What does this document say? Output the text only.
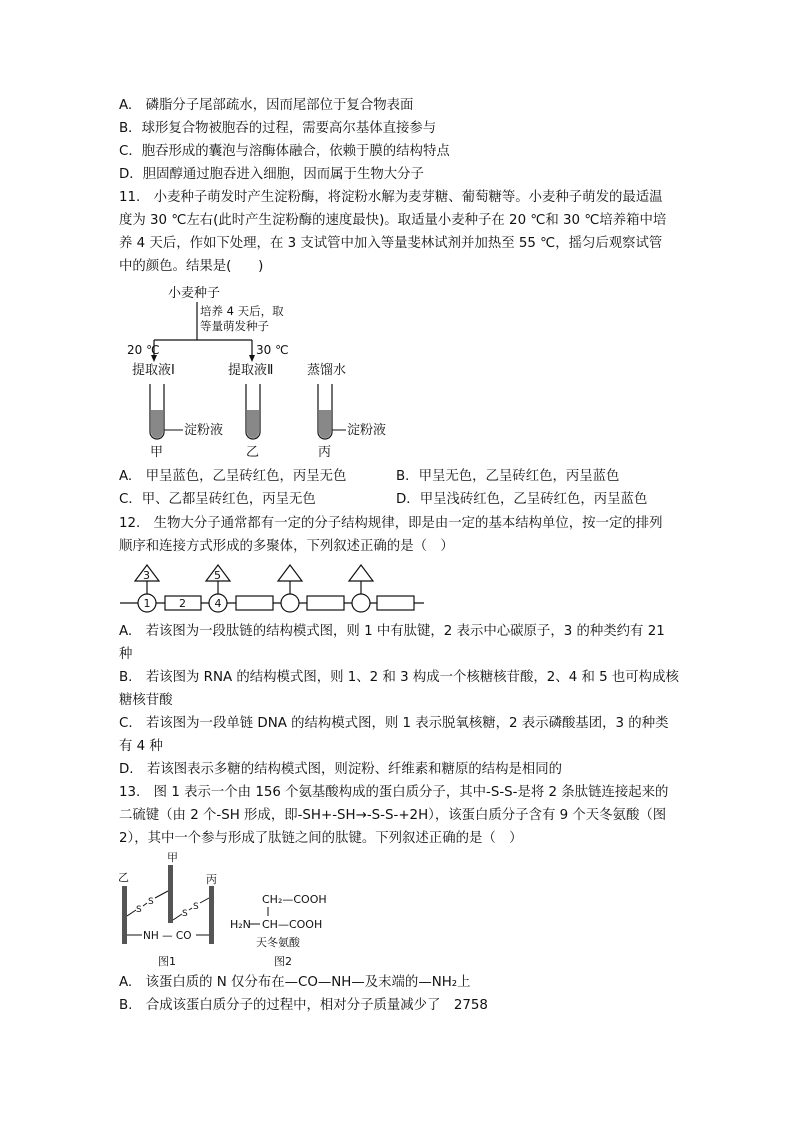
A.　磷脂分子尾部疏水，因而尾部位于复合物表面
B．球形复合物被胞吞的过程，需要高尔基体直接参与
C．胞吞形成的囊泡与溶酶体融合，依赖于膜的结构特点
D．胆固醇通过胞吞进入细胞，因而属于生物大分子
11.　小麦种子萌发时产生淀粉酶，将淀粉水解为麦芽糖、葡萄糖等。小麦种子萌发的最适温
度为 30 ℃左右(此时产生淀粉酶的速度最快)。取适量小麦种子在 20 ℃和 30 ℃培养箱中培
养 4 天后，作如下处理，在 3 支试管中加入等量斐林试剂并加热至 55 ℃，摇匀后观察试管
中的颜色。结果是(　　)
小麦种子
培养 4 天后，取
等量萌发种子
20 ℃	30 ℃
提取液Ⅰ	提取液Ⅱ	蒸馏水
淀粉液	淀粉液
甲	乙	丙
A.　甲呈蓝色，乙呈砖红色，丙呈无色	B．甲呈无色，乙呈砖红色，丙呈蓝色
C．甲、乙都呈砖红色，丙呈无色	D．甲呈浅砖红色，乙呈砖红色，丙呈蓝色
12.　生物大分子通常都有一定的分子结构规律，即是由一定的基本结构单位，按一定的排列
顺序和连接方式形成的多聚体，下列叙述正确的是（　）
3
1	2
5
4
A.　若该图为一段肽链的结构模式图，则 1 中有肽键，2 表示中心碳原子，3 的种类约有 21
种
B.　若该图为 RNA 的结构模式图，则 1、2 和 3 构成一个核糖核苷酸，2、4 和 5 也可构成核
糖核苷酸
C.　若该图为一段单链 DNA 的结构模式图，则 1 表示脱氧核糖，2 表示磷酸基团，3 的种类
有 4 种
D.　若该图表示多糖的结构模式图，则淀粉、纤维素和糖原的结构是相同的
13.　图 1 表示一个由 156 个氨基酸构成的蛋白质分子，其中-S-S-是将 2 条肽链连接起来的
二硫键（由 2 个-SH 形成，即-SH+-SH→-S-S-+2H），该蛋白质分子含有 9 个天冬氨酸（图
2），其中一个参与形成了肽链之间的肽键。下列叙述正确的是（　）
甲
乙	丙
S
S
S
S
NH — CO
图1
CH₂—COOH
H₂N CH—COOH
天冬氨酸
图2
A.　该蛋白质的 N 仅分布在—CO—NH—及末端的—NH₂上
B.　合成该蛋白质分子的过程中，相对分子质量减少了　2758
